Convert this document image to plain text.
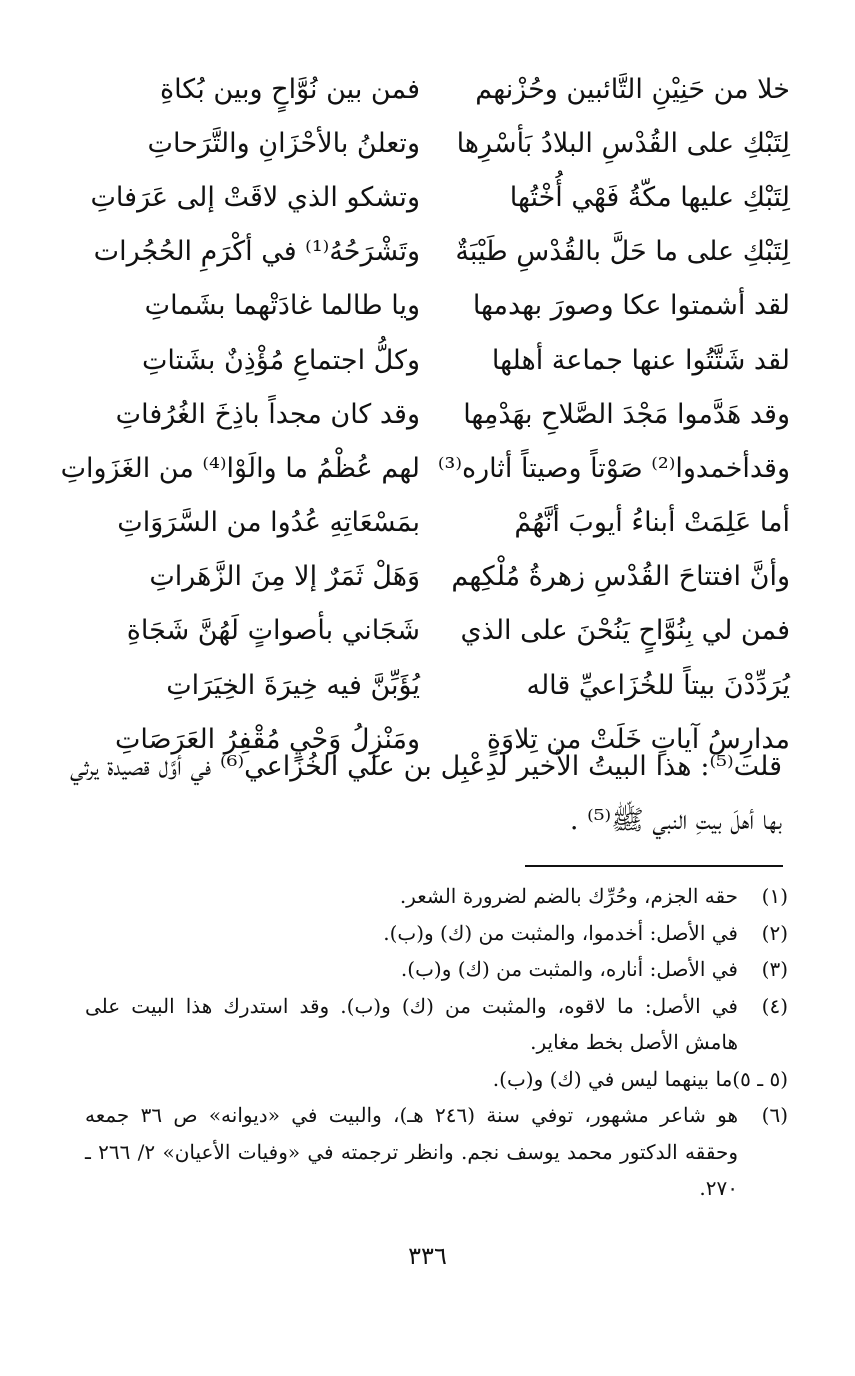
خلا من حَنِيْنِ التَّائبين وحُزْنهم
فمن بين نُوَّاحٍ وبين بُكاةِ
لِتَبْكِ على القُدْسِ البلادُ بَأسْرِها
وتعلنُ بالأحْزَانِ والتَّرَحاتِ
لِتَبْكِ عليها مكّةُ فَهْي أُخْتُها
وتشكو الذي لاقَتْ إلى عَرَفاتِ
لِتَبْكِ على ما حَلَّ بالقُدْسِ طَيْبَةٌ
وتَشْرَحُهُ⁽¹⁾ في أكْرَمِ الحُجُرات
لقد أشمتوا عكا وصورَ بهدمها
ويا طالما غادَتْهما بشَماتِ
لقد شَتَّتُوا عنها جماعة أهلها
وكلُّ اجتماعِ مُؤْذِنٌ بشَتاتِ
وقد هَدَّموا مَجْدَ الصَّلاحِ بهَدْمِها
وقد كان مجداً باذِخَ الغُرُفاتِ
وقدأخمدوا⁽²⁾ صَوْتاً وصيتاً أثاره⁽³⁾
لهم عُظْمُ ما والَوْا⁽⁴⁾ من الغَزَواتِ
أما عَلِمَتْ أبناءُ أيوبَ أنَّهُمْ
بمَسْعَاتِهِ عُدُوا من السَّرَوَاتِ
وأنَّ افتتاحَ القُدْسِ زهرةُ مُلْكِهم
وَهَلْ ثَمَرٌ إلا مِنَ الزَّهَراتِ
فمن لي بِنُوَّاحٍ يَنُحْنَ على الذي
شَجَاني بأصواتٍ لَهُنَّ شَجَاةِ
يُرَدِّدْنَ بيتاً للخُزَاعيِّ قاله
يُؤَبِّنَّ فيه خِيرَةَ الخِيَرَاتِ
مدارِسُ آياتٍ خَلَتْ من تِلاوَةٍ
ومَنْزِلُ وَحْيٍ مُقْفِرُ العَرَصَاتِ
قلت⁽⁵⁾: هذا البيتُ الأخير لدِعْبِل بن علي الخُزَاعي⁽⁶⁾ في أوَّل قصيدة يرثي بها أهلَ بيتِ النبي ﷺ⁽⁵⁾ .
(١)
حقه الجزم، وحُرِّك بالضم لضرورة الشعر.
(٢)
في الأصل: أخدموا، والمثبت من (ك) و(ب).
(٣)
في الأصل: أناره، والمثبت من (ك) و(ب).
(٤)
في الأصل: ما لاقوه، والمثبت من (ك) و(ب). وقد استدرك هذا البيت على هامش الأصل بخط مغاير.
(٥ ـ ٥)
ما بينهما ليس في (ك) و(ب).
(٦)
هو شاعر مشهور، توفي سنة (٢٤٦ هـ)، والبيت في «ديوانه» ص ٣٦ جمعه وحققه الدكتور محمد يوسف نجم. وانظر ترجمته في «وفيات الأعيان» ٢/ ٢٦٦ ـ ٢٧٠.
٣٣٦
